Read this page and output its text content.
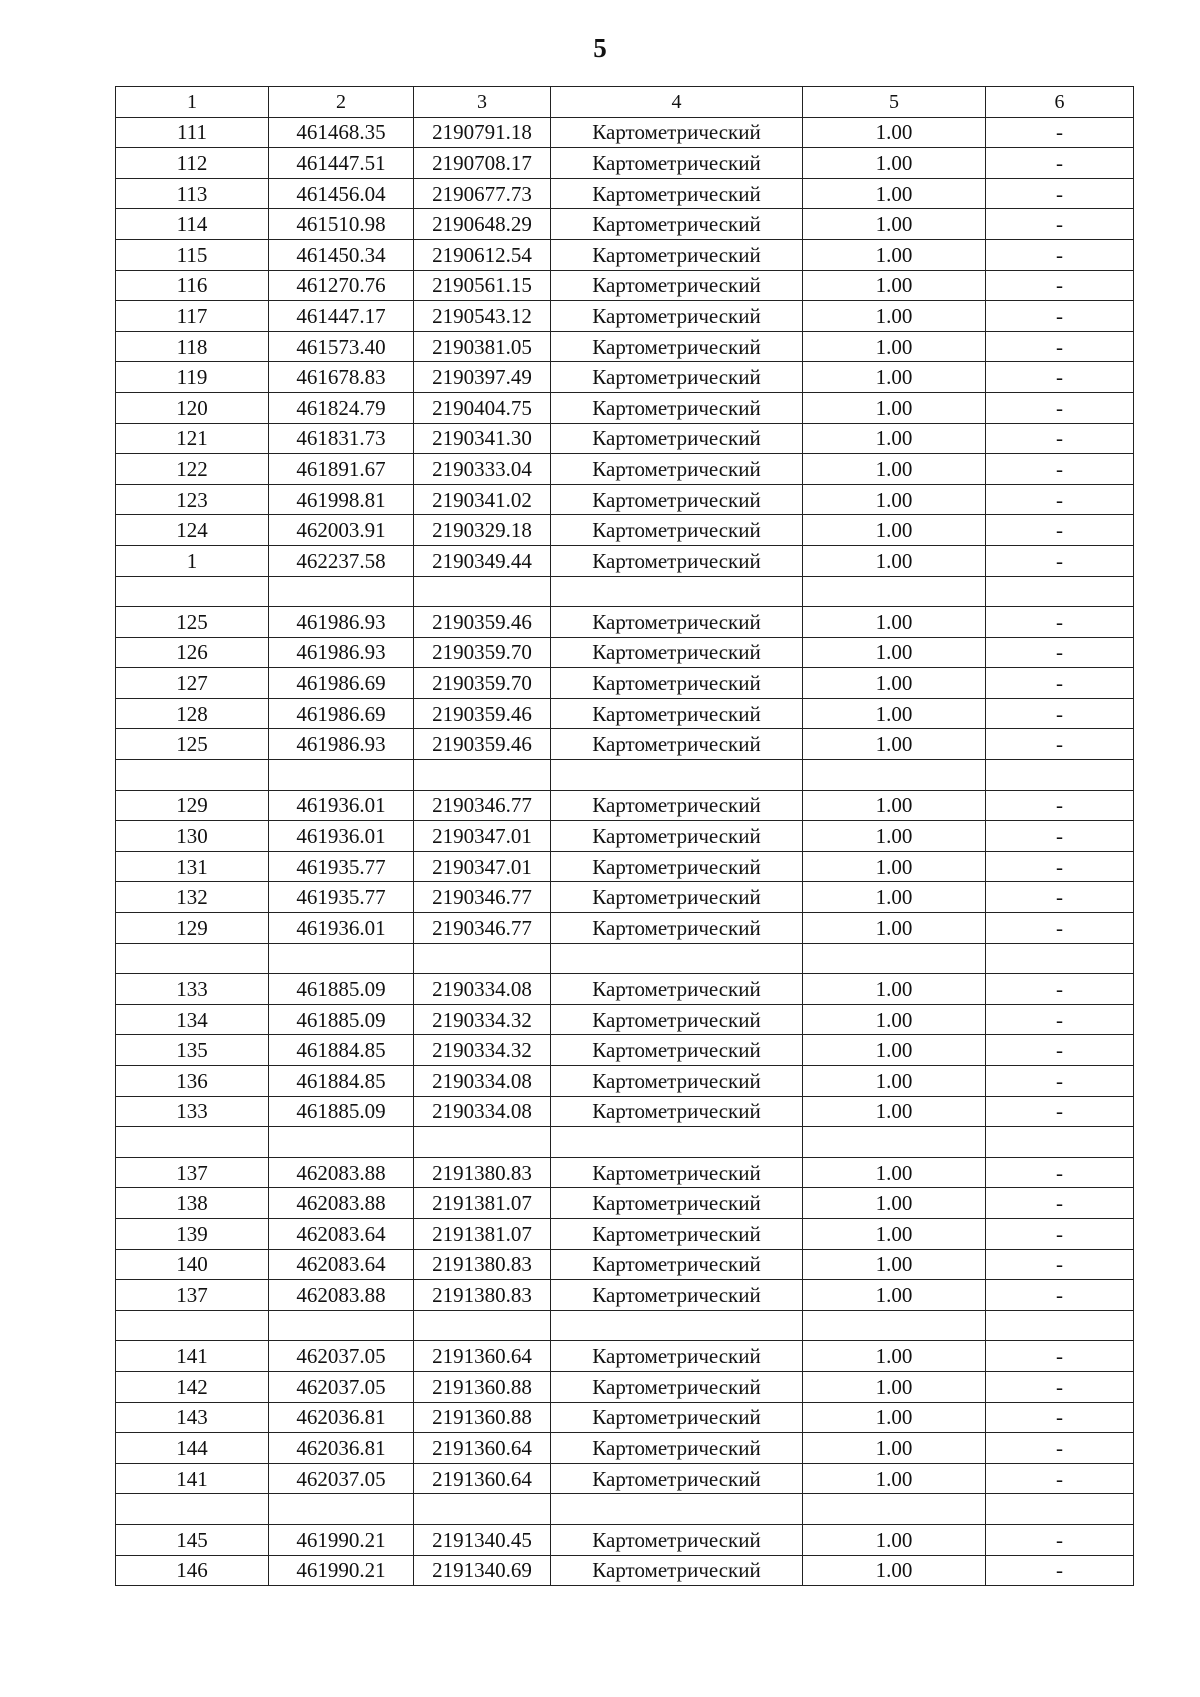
5
1	2	3	4	5	6
111	461468.35	2190791.18	Картометрический	1.00	-
112	461447.51	2190708.17	Картометрический	1.00	-
113	461456.04	2190677.73	Картометрический	1.00	-
114	461510.98	2190648.29	Картометрический	1.00	-
115	461450.34	2190612.54	Картометрический	1.00	-
116	461270.76	2190561.15	Картометрический	1.00	-
117	461447.17	2190543.12	Картометрический	1.00	-
118	461573.40	2190381.05	Картометрический	1.00	-
119	461678.83	2190397.49	Картометрический	1.00	-
120	461824.79	2190404.75	Картометрический	1.00	-
121	461831.73	2190341.30	Картометрический	1.00	-
122	461891.67	2190333.04	Картометрический	1.00	-
123	461998.81	2190341.02	Картометрический	1.00	-
124	462003.91	2190329.18	Картометрический	1.00	-
1	462237.58	2190349.44	Картометрический	1.00	-

125	461986.93	2190359.46	Картометрический	1.00	-
126	461986.93	2190359.70	Картометрический	1.00	-
127	461986.69	2190359.70	Картометрический	1.00	-
128	461986.69	2190359.46	Картометрический	1.00	-
125	461986.93	2190359.46	Картометрический	1.00	-

129	461936.01	2190346.77	Картометрический	1.00	-
130	461936.01	2190347.01	Картометрический	1.00	-
131	461935.77	2190347.01	Картометрический	1.00	-
132	461935.77	2190346.77	Картометрический	1.00	-
129	461936.01	2190346.77	Картометрический	1.00	-

133	461885.09	2190334.08	Картометрический	1.00	-
134	461885.09	2190334.32	Картометрический	1.00	-
135	461884.85	2190334.32	Картометрический	1.00	-
136	461884.85	2190334.08	Картометрический	1.00	-
133	461885.09	2190334.08	Картометрический	1.00	-

137	462083.88	2191380.83	Картометрический	1.00	-
138	462083.88	2191381.07	Картометрический	1.00	-
139	462083.64	2191381.07	Картометрический	1.00	-
140	462083.64	2191380.83	Картометрический	1.00	-
137	462083.88	2191380.83	Картометрический	1.00	-

141	462037.05	2191360.64	Картометрический	1.00	-
142	462037.05	2191360.88	Картометрический	1.00	-
143	462036.81	2191360.88	Картометрический	1.00	-
144	462036.81	2191360.64	Картометрический	1.00	-
141	462037.05	2191360.64	Картометрический	1.00	-

145	461990.21	2191340.45	Картометрический	1.00	-
146	461990.21	2191340.69	Картометрический	1.00	-
